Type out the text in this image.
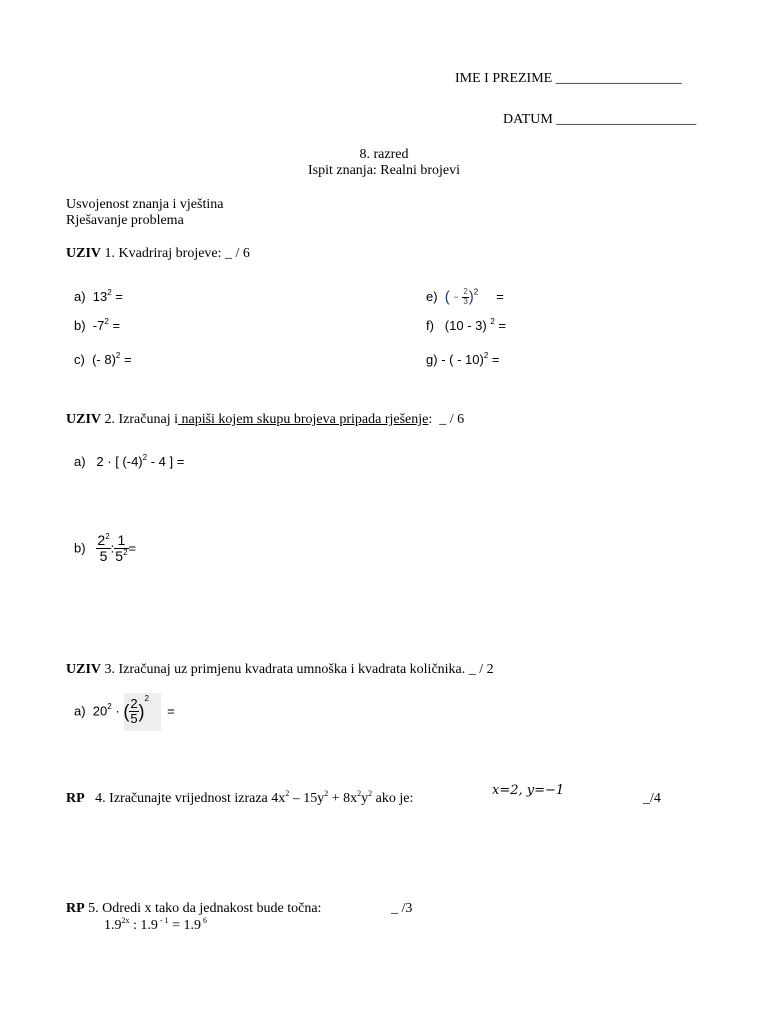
IME I PREZIME __________________
DATUM ____________________
8. razred
Ispit znanja: Realni brojevi
Usvojenost znanja i vještina
Rješavanje problema
UZIV 1. Kvadriraj brojeve: _ / 6
a) $13^2$ =
b) $-7^2$ =
c) (- 8)$^2$ =
e) ( − $\frac{2}{3} )^2$ =
f) (10 - 3) $^2$ =
g) - ( - 10)$^2$ =
UZIV 2. Izračunaj i napiši kojem skupu brojeva pripada rješenje: _ / 6
a) 2 · [ $(-4)^2 - 4$ ] =
$b) \frac{2^2}{5}$ : $\frac{1}{5^2}$ =
UZIV 3. Izračunaj uz primjenu kvadrata umnoška i kvadrata količnika. _ / 2
a) $20^2$ · ( $\frac{2}{5} )^2$     =
RP 4. Izračunajte vrijednost izraza $4x^2 - 15y^2 + 8x^2y^2$ ako je:
x=2, y=−1
_/4
RP 5. Odredi x tako da jednakost bude točna:	_ /3
$1.9^{2x}$ : 1.9 $^{- 1}$ = 1.9 $^6$
